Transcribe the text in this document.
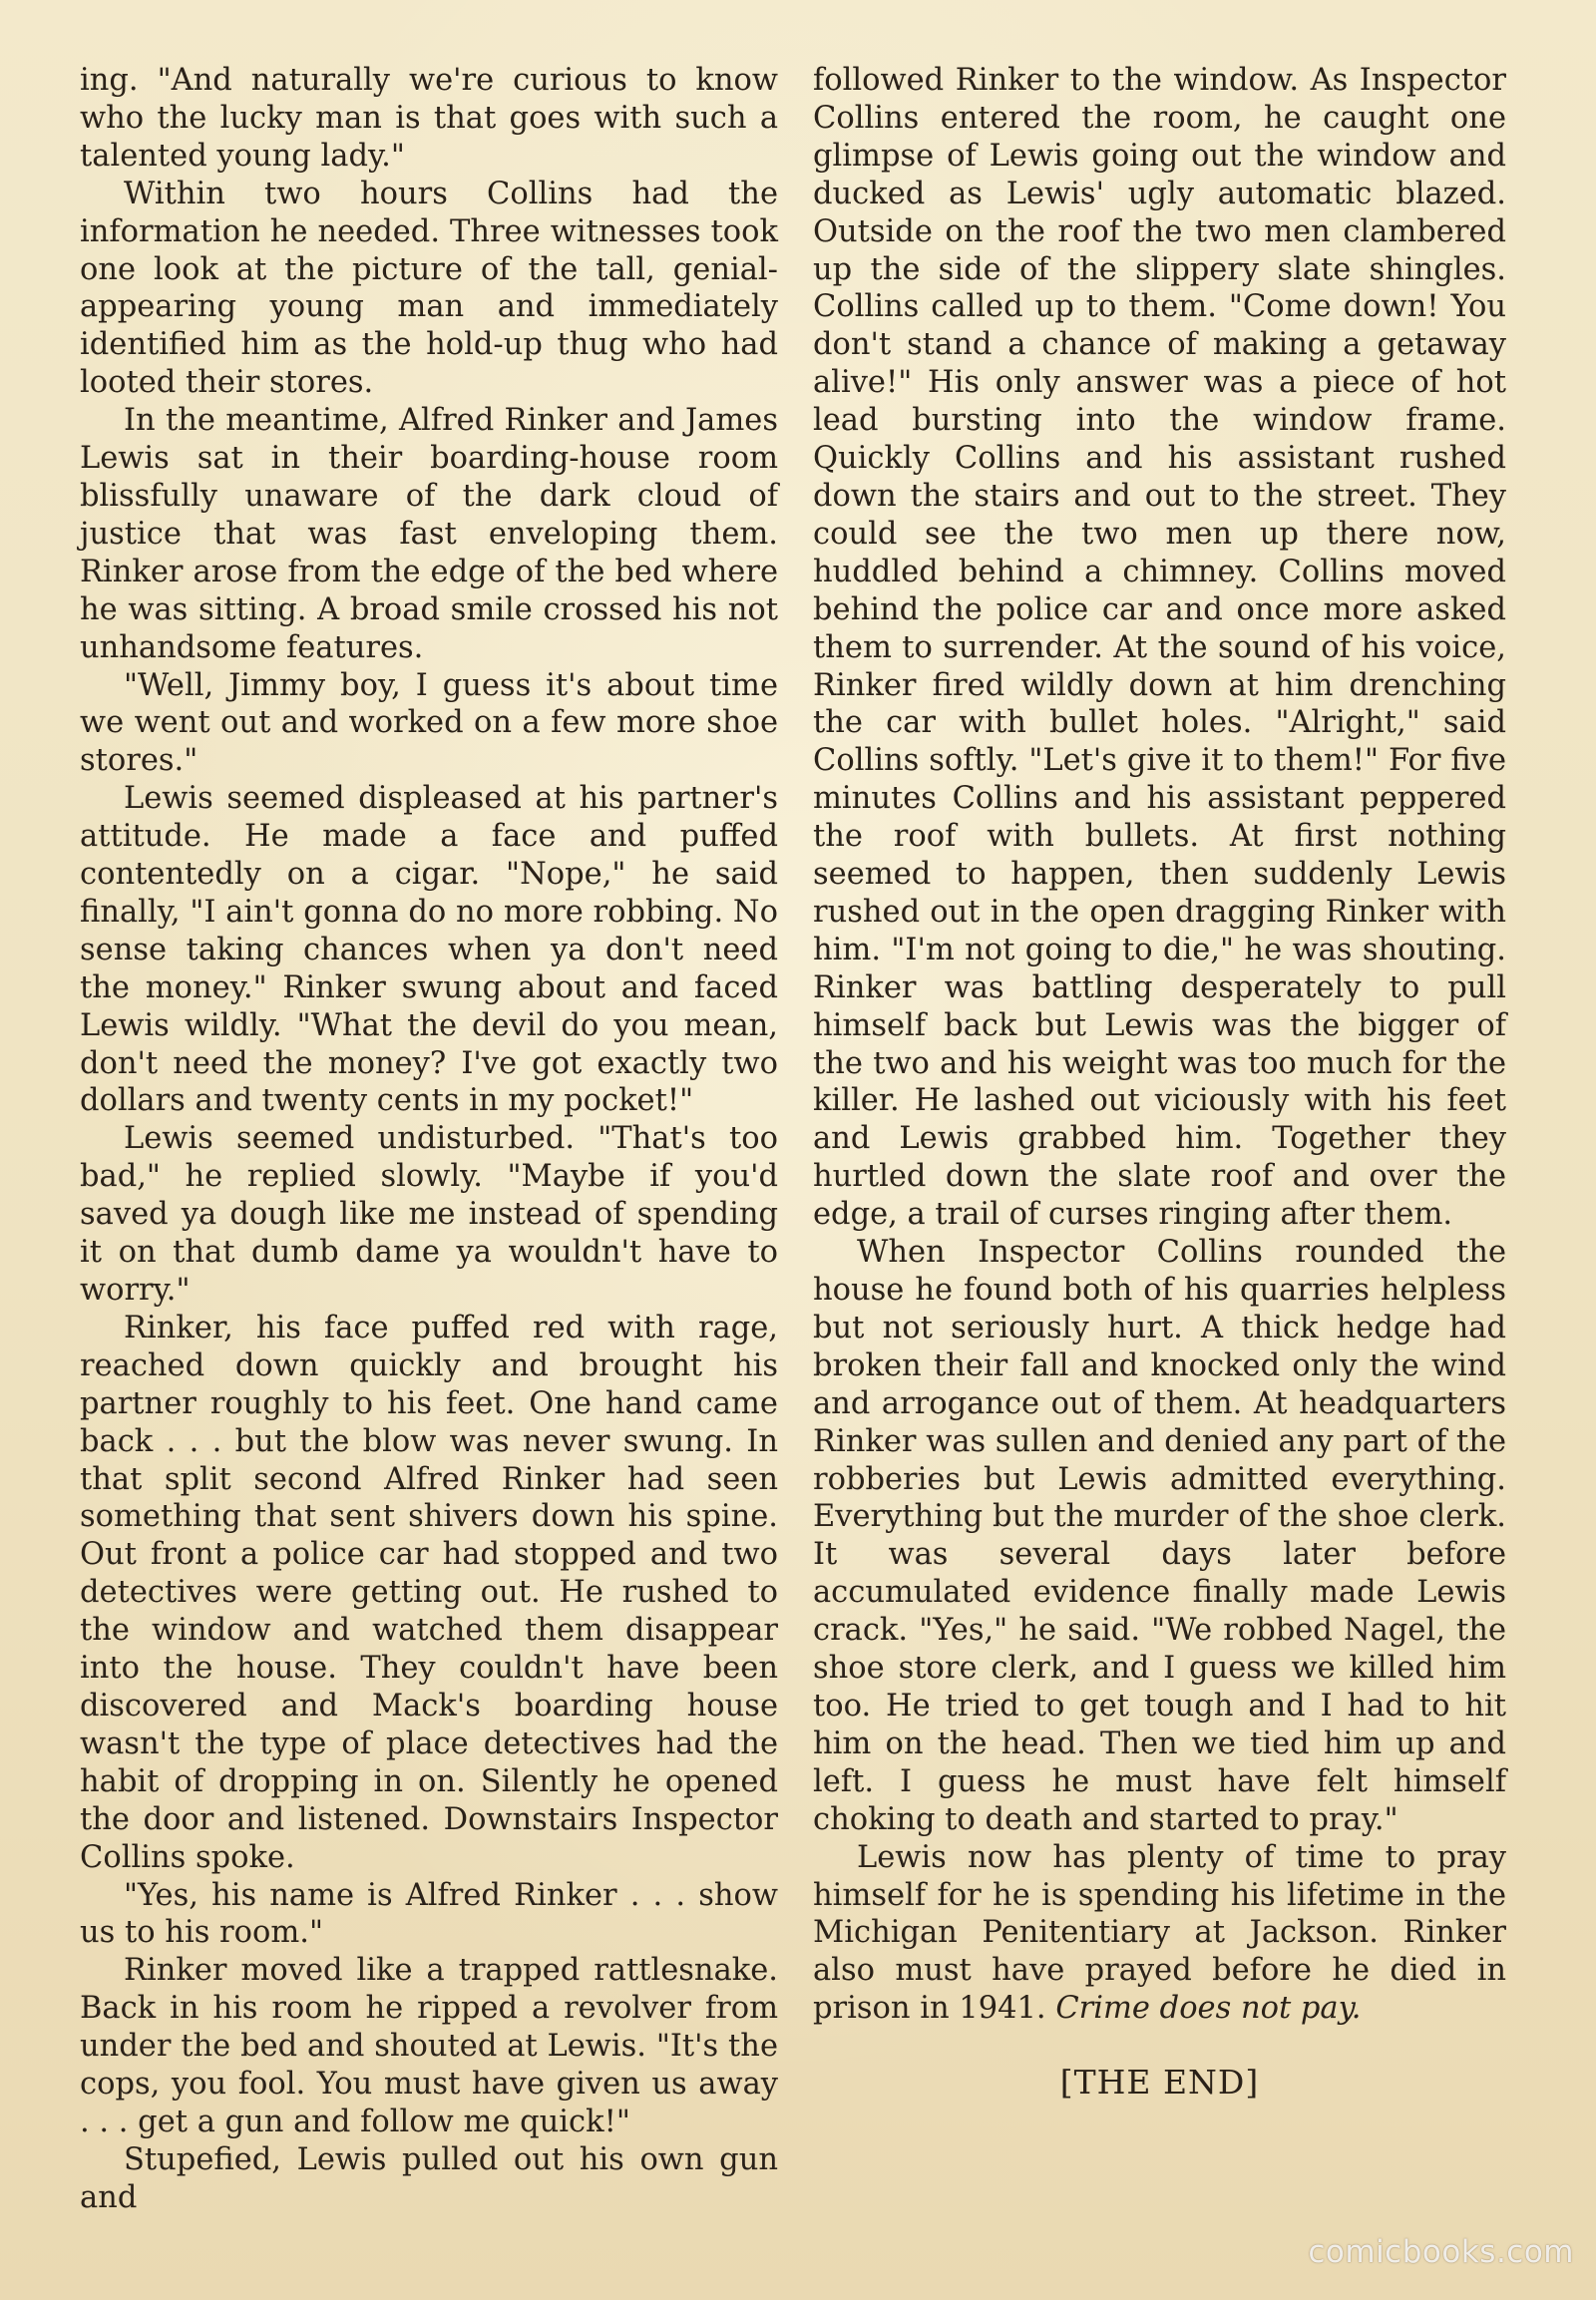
ing. "And naturally we're curious to know who the lucky man is that goes with such a talented young lady."

Within two hours Collins had the information he needed. Three witnesses took one look at the picture of the tall, genial-appearing young man and immediately identified him as the hold-up thug who had looted their stores.

In the meantime, Alfred Rinker and James Lewis sat in their boarding-house room blissfully unaware of the dark cloud of justice that was fast enveloping them. Rinker arose from the edge of the bed where he was sitting. A broad smile crossed his not unhandsome features.

"Well, Jimmy boy, I guess it's about time we went out and worked on a few more shoe stores."

Lewis seemed displeased at his partner's attitude. He made a face and puffed contentedly on a cigar. "Nope," he said finally, "I ain't gonna do no more robbing. No sense taking chances when ya don't need the money." Rinker swung about and faced Lewis wildly. "What the devil do you mean, don't need the money? I've got exactly two dollars and twenty cents in my pocket!"

Lewis seemed undisturbed. "That's too bad," he replied slowly. "Maybe if you'd saved ya dough like me instead of spending it on that dumb dame ya wouldn't have to worry."

Rinker, his face puffed red with rage, reached down quickly and brought his partner roughly to his feet. One hand came back . . . but the blow was never swung. In that split second Alfred Rinker had seen something that sent shivers down his spine. Out front a police car had stopped and two detectives were getting out. He rushed to the window and watched them disappear into the house. They couldn't have been discovered and Mack's boarding house wasn't the type of place detectives had the habit of dropping in on. Silently he opened the door and listened. Downstairs Inspector Collins spoke.

"Yes, his name is Alfred Rinker . . . show us to his room."

Rinker moved like a trapped rattlesnake. Back in his room he ripped a revolver from under the bed and shouted at Lewis. "It's the cops, you fool. You must have given us away . . . get a gun and follow me quick!"

Stupefied, Lewis pulled out his own gun and

followed Rinker to the window. As Inspector Collins entered the room, he caught one glimpse of Lewis going out the window and ducked as Lewis' ugly automatic blazed. Outside on the roof the two men clambered up the side of the slippery slate shingles. Collins called up to them. "Come down! You don't stand a chance of making a getaway alive!" His only answer was a piece of hot lead bursting into the window frame. Quickly Collins and his assistant rushed down the stairs and out to the street. They could see the two men up there now, huddled behind a chimney. Collins moved behind the police car and once more asked them to surrender. At the sound of his voice, Rinker fired wildly down at him drenching the car with bullet holes. "Alright," said Collins softly. "Let's give it to them!" For five minutes Collins and his assistant peppered the roof with bullets. At first nothing seemed to happen, then suddenly Lewis rushed out in the open dragging Rinker with him. "I'm not going to die," he was shouting. Rinker was battling desperately to pull himself back but Lewis was the bigger of the two and his weight was too much for the killer. He lashed out viciously with his feet and Lewis grabbed him. Together they hurtled down the slate roof and over the edge, a trail of curses ringing after them.

When Inspector Collins rounded the house he found both of his quarries helpless but not seriously hurt. A thick hedge had broken their fall and knocked only the wind and arrogance out of them. At headquarters Rinker was sullen and denied any part of the robberies but Lewis admitted everything. Everything but the murder of the shoe clerk. It was several days later before accumulated evidence finally made Lewis crack. "Yes," he said. "We robbed Nagel, the shoe store clerk, and I guess we killed him too. He tried to get tough and I had to hit him on the head. Then we tied him up and left. I guess he must have felt himself choking to death and started to pray."

Lewis now has plenty of time to pray himself for he is spending his lifetime in the Michigan Penitentiary at Jackson. Rinker also must have prayed before he died in prison in 1941. Crime does not pay.

[THE END]
comicbooks.com
